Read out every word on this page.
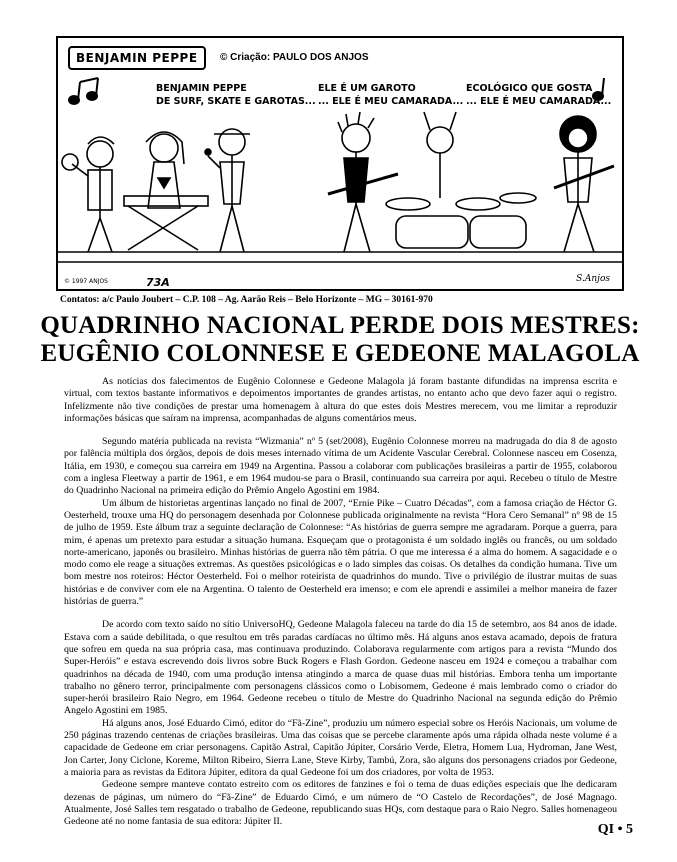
BENJAMIN PEPPE	© Criação: PAULO DOS ANJOS
BENJAMIN PEPPE
DE SURF, SKATE E GAROTAS...
ELE É UM GAROTO
... ELE É MEU CAMARADA...
ECOLÓGICO QUE GOSTA
... ELE É MEU CAMARADA...
© 1997 ANJOS	73A	S.Anjos
Contatos: a/c Paulo Joubert – C.P. 108 – Ag. Aarão Reis – Belo Horizonte – MG – 30161-970
QUADRINHO NACIONAL PERDE DOIS MESTRES:
EUGÊNIO COLONNESE E GEDEONE MALAGOLA

As notícias dos falecimentos de Eugênio Colonnese e Gedeone Malagola já foram bastante difundidas na imprensa escrita e virtual, com textos bastante informativos e depoimentos importantes de grandes artistas, no entanto acho que devo fazer aqui o registro. Infelizmente não tive condições de prestar uma homenagem à altura do que estes dois Mestres merecem, vou me limitar a reproduzir informações básicas que saíram na imprensa, acompanhadas de alguns comentários meus.

Segundo matéria publicada na revista “Wizmania” nº 5 (set/2008), Eugênio Colonnese morreu na madrugada do dia 8 de agosto por falência múltipla dos órgãos, depois de dois meses internado vítima de um Acidente Vascular Cerebral. Colonnese nasceu em Cosenza, Itália, em 1930, e começou sua carreira em 1949 na Argentina. Passou a colaborar com publicações brasileiras a partir de 1955, colaborou com a inglesa Fleetway a partir de 1961, e em 1964 mudou-se para o Brasil, continuando sua carreira por aqui. Recebeu o título de Mestre do Quadrinho Nacional na primeira edição do Prêmio Angelo Agostini em 1984.

Um álbum de historietas argentinas lançado no final de 2007, “Ernie Pike – Cuatro Décadas”, com a famosa criação de Héctor G. Oesterheld, trouxe uma HQ do personagem desenhada por Colonnese publicada originalmente na revista “Hora Cero Semanal” nº 98 de 15 de julho de 1959. Este álbum traz a seguinte declaração de Colonnese: “As histórias de guerra sempre me agradaram. Porque a guerra, para mim, é apenas um pretexto para estudar a situação humana. Esqueçam que o protagonista é um soldado inglês ou francês, ou um soldado norte-americano, japonês ou brasileiro. Minhas histórias de guerra não têm pátria. O que me interessa é a alma do homem. A sagacidade e o modo como ele reage a situações extremas. As questões psicológicas e o lado simples das coisas. Os detalhes da condição humana. Tive um bom mestre nos roteiros: Héctor Oesterheld. Foi o melhor roteirista de quadrinhos do mundo. Tive o privilégio de ilustrar muitas de suas histórias e de conviver com ele na Argentina. O talento de Oesterheld era imenso; e com ele aprendi e assimilei a melhor maneira de fazer histórias de guerra.”

De acordo com texto saído no sítio UniversoHQ, Gedeone Malagola faleceu na tarde do dia 15 de setembro, aos 84 anos de idade. Estava com a saúde debilitada, o que resultou em três paradas cardíacas no último mês. Há alguns anos estava acamado, depois de fratura que sofreu em queda na sua própria casa, mas continuava produzindo. Colaborava regularmente com artigos para a revista “Mundo dos Super-Heróis” e estava escrevendo dois livros sobre Buck Rogers e Flash Gordon. Gedeone nasceu em 1924 e começou a trabalhar com quadrinhos na década de 1940, com uma produção intensa atingindo a marca de quase duas mil histórias. Embora tenha um importante trabalho no gênero terror, principalmente com personagens clássicos como o Lobisomem, Gedeone é mais lembrado como o criador do super-herói brasileiro Raio Negro, em 1964. Gedeone recebeu o título de Mestre do Quadrinho Nacional na segunda edição do Prêmio Angelo Agostini em 1985.

Há alguns anos, José Eduardo Cimó, editor do “Fã-Zine”, produziu um número especial sobre os Heróis Nacionais, um volume de 250 páginas trazendo centenas de criações brasileiras. Uma das coisas que se percebe claramente após uma rápida olhada neste volume é a capacidade de Gedeone em criar personagens. Capitão Astral, Capitão Júpiter, Corsário Verde, Eletra, Homem Lua, Hydroman, Jane West, Jon Carter, Jony Ciclone, Koreme, Milton Ribeiro, Sierra Lane, Steve Kirby, Tambú, Zora, são alguns dos personagens criados por Gedeone, a maioria para as revistas da Editora Júpiter, editora da qual Gedeone foi um dos criadores, por volta de 1953.

Gedeone sempre manteve contato estreito com os editores de fanzines e foi o tema de duas edições especiais que lhe dedicaram dezenas de páginas, um número do “Fã-Zine” de Eduardo Cimó, e um número de “O Castelo de Recordações”, de José Magnago. Atualmente, José Salles tem resgatado o trabalho de Gedeone, republicando suas HQs, com destaque para o Raio Negro. Salles homenageou Gedeone até no nome fantasia de sua editora: Júpiter II.

QI • 5
